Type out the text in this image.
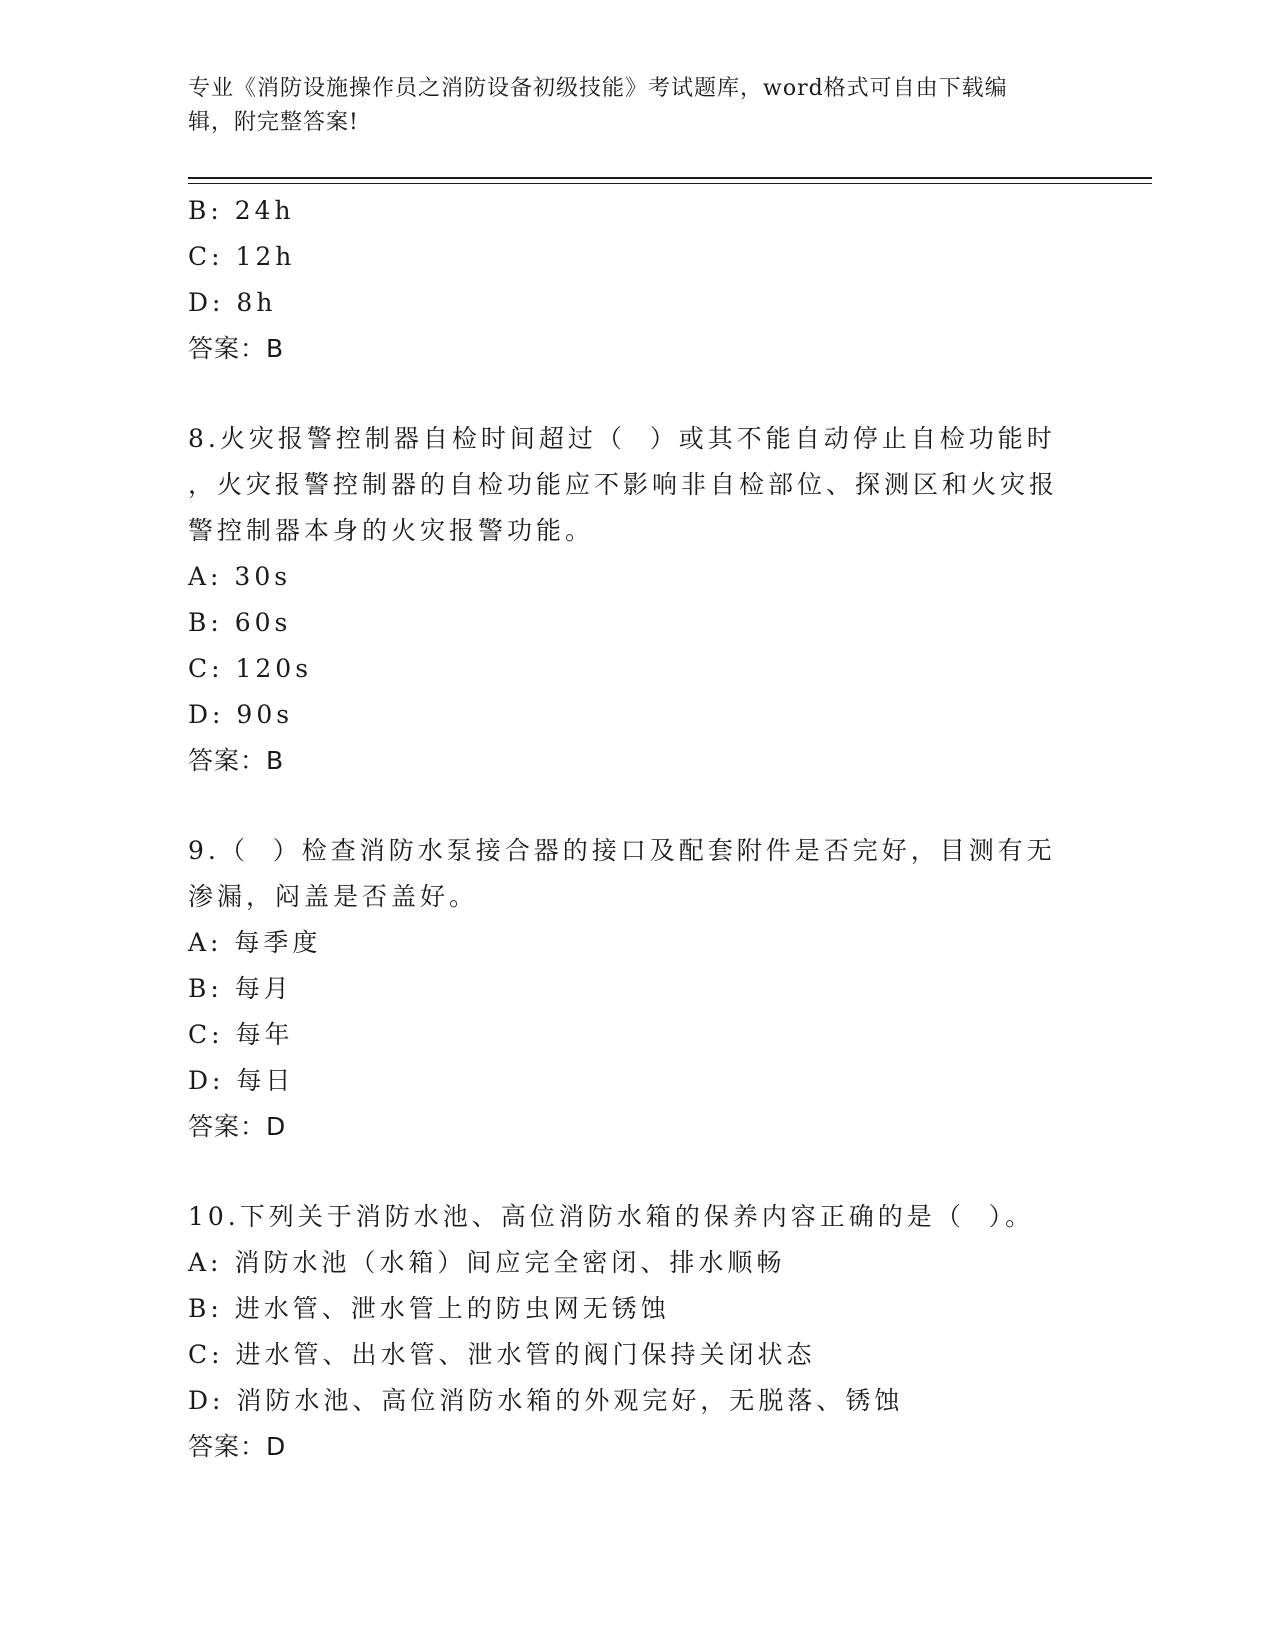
专业《消防设施操作员之消防设备初级技能》考试题库，word格式可自由下载编
辑，附完整答案!
B: 24h
C: 12h
D: 8h
答案：B
8.火灾报警控制器自检时间超过（  ）或其不能自动停止自检功能时
，火灾报警控制器的自检功能应不影响非自检部位、探测区和火灾报
警控制器本身的火灾报警功能。
A: 30s
B: 60s
C: 120s
D: 90s
答案：B
9.（  ）检查消防水泵接合器的接口及配套附件是否完好，目测有无
渗漏，闷盖是否盖好。
A: 每季度
B: 每月
C: 每年
D: 每日
答案：D
10.下列关于消防水池、高位消防水箱的保养内容正确的是（  ）。
A: 消防水池（水箱）间应完全密闭、排水顺畅
B: 进水管、泄水管上的防虫网无锈蚀
C: 进水管、出水管、泄水管的阀门保持关闭状态
D: 消防水池、高位消防水箱的外观完好，无脱落、锈蚀
答案：D
